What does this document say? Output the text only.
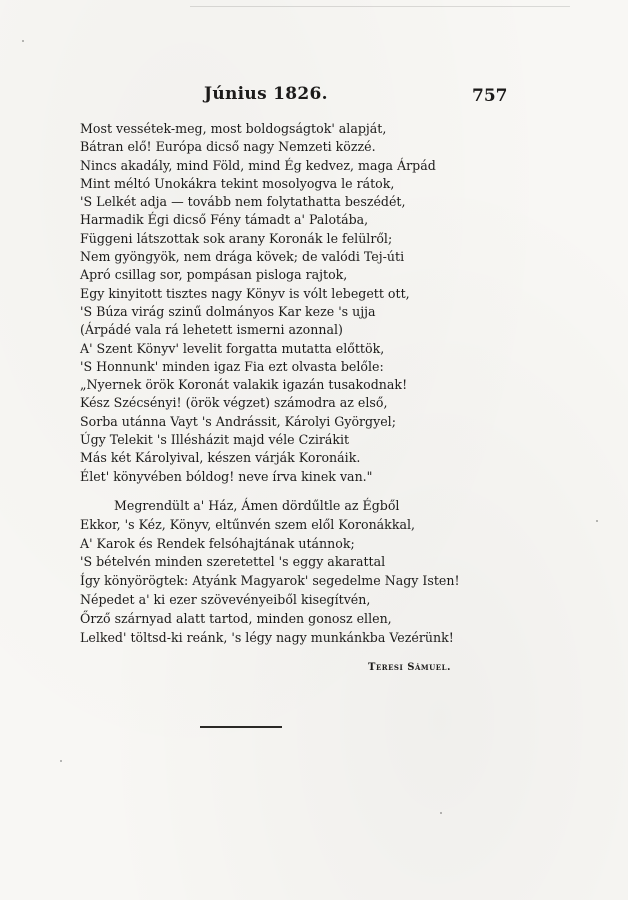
Június 1826.	757
Most vessétek-meg, most boldogságtok' alapját,
Bátran elő! Európa dicső nagy Nemzeti közzé.
Nincs akadály, mind Föld, mind Ég kedvez, maga Árpád
Mint méltó Unokákra tekint mosolyogva le rátok,
'S Lelkét adja — tovább nem folytathatta beszédét,
Harmadik Égi dicső Fény támadt a' Palotába,
Függeni látszottak sok arany Koronák le felülről;
Nem gyöngyök, nem drága kövek; de valódi Tej-úti
Apró csillag sor, pompásan pisloga rajtok,
Egy kinyitott tisztes nagy Könyv is vólt lebegett ott,
'S Búza virág szinű dolmányos Kar keze 's ujja
(Árpádé vala rá lehetett ismerni azonnal)
A' Szent Könyv' levelit forgatta mutatta előttök,
'S Honnunk' minden igaz Fia ezt olvasta belőle:
„Nyernek örök Koronát valakik igazán tusakodnak!
Kész Szécsényi! (örök végzet) számodra az első,
Sorba utánna Vayt 's Andrássit, Károlyi Györgyel;
Úgy Telekit 's Illésházit majd véle Czirákit
Más két Károlyival, készen várják Koronáik.
Élet' könyvében bóldog! neve írva kinek van."
Megrendült a' Ház, Ámen dördűltle az Égből
Ekkor, 's Kéz, Könyv, eltűnvén szem elől Koronákkal,
A' Karok és Rendek felsóhajtának utánnok;
'S bételvén minden szeretettel 's eggy akarattal
Így könyörögtek: Atyánk Magyarok' segedelme Nagy Isten!
Népedet a' ki ezer szövevényeiből kisegítvén,
Őrző szárnyad alatt tartod, minden gonosz ellen,
Lelked' töltsd-ki reánk, 's légy nagy munkánkba Vezérünk!
Teresi Sámuel.
